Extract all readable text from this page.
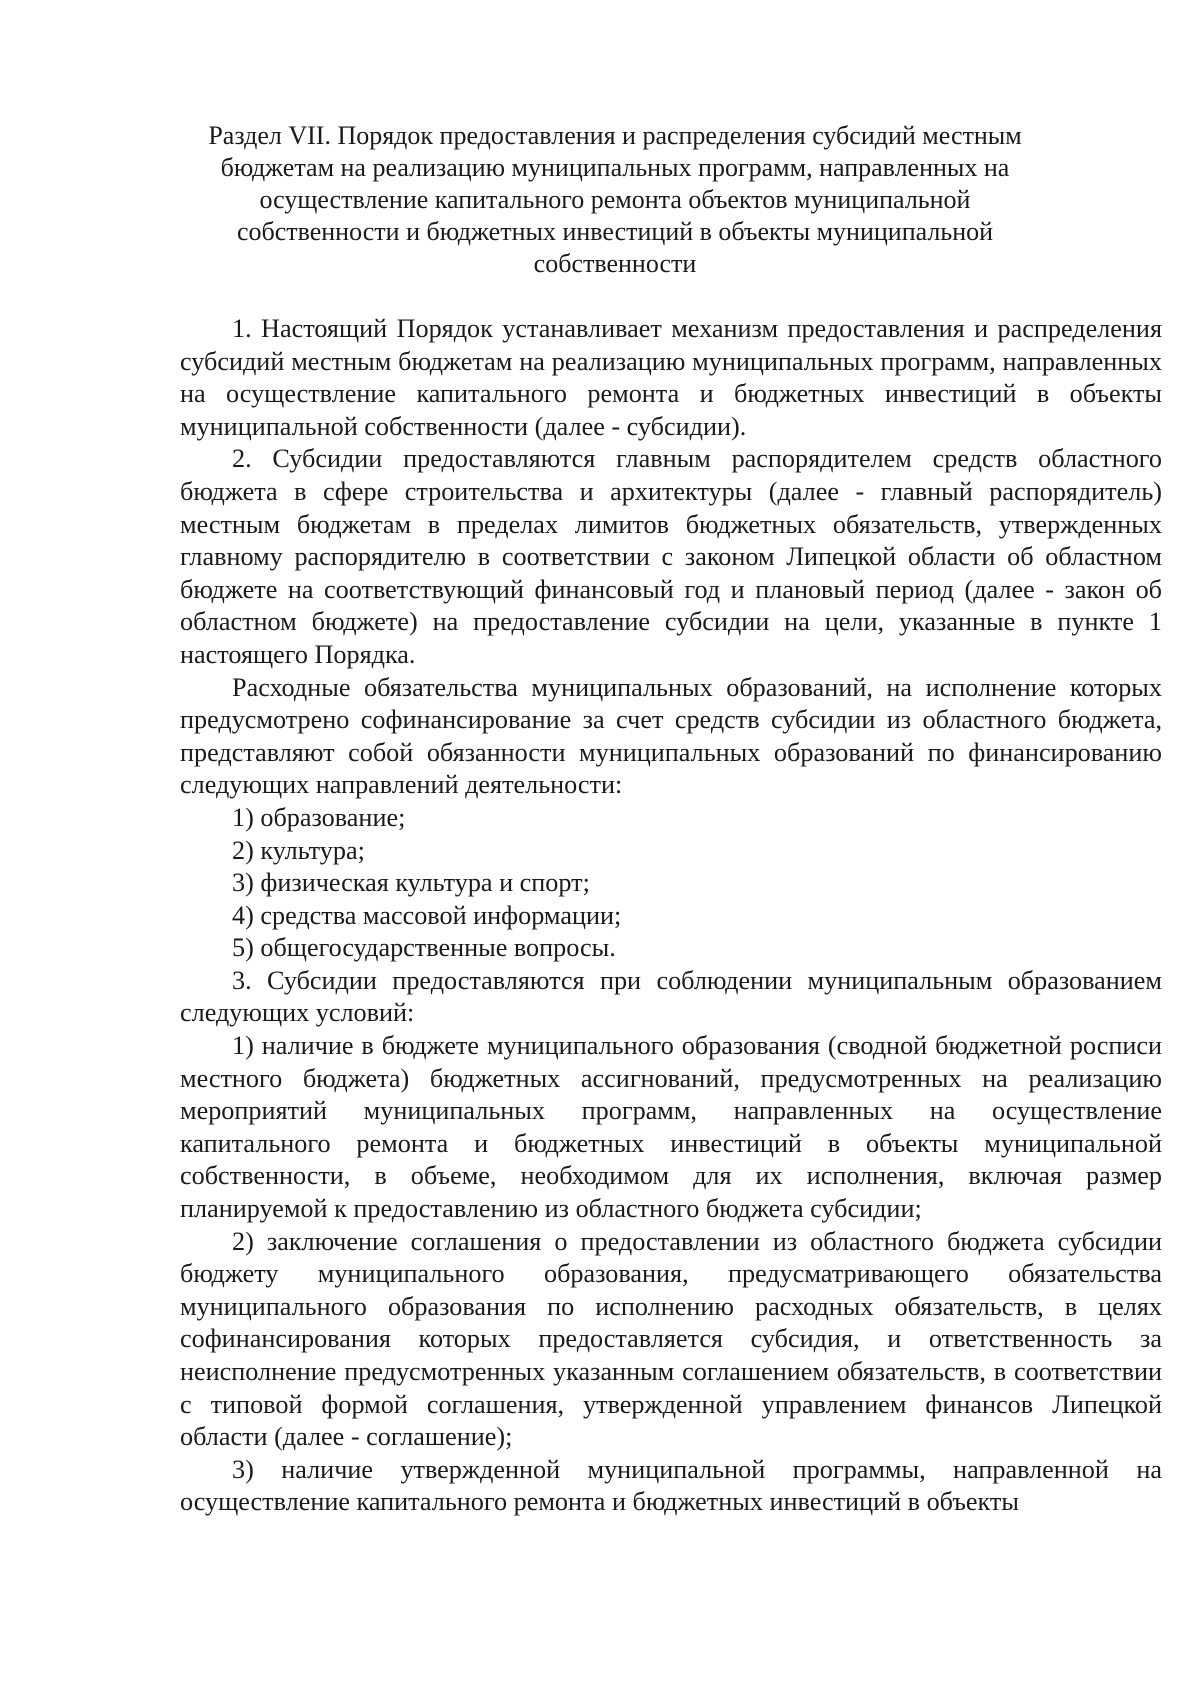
Раздел VII. Порядок предоставления и распределения субсидий местным бюджетам на реализацию муниципальных программ, направленных на осуществление капитального ремонта объектов муниципальной собственности и бюджетных инвестиций в объекты муниципальной собственности

1. Настоящий Порядок устанавливает механизм предоставления и распределения субсидий местным бюджетам на реализацию муниципальных программ, направленных на осуществление капитального ремонта и бюджетных инвестиций в объекты муниципальной собственности (далее - субсидии).

2. Субсидии предоставляются главным распорядителем средств областного бюджета в сфере строительства и архитектуры (далее - главный распорядитель) местным бюджетам в пределах лимитов бюджетных обязательств, утвержденных главному распорядителю в соответствии с законом Липецкой области об областном бюджете на соответствующий финансовый год и плановый период (далее - закон об областном бюджете) на предоставление субсидии на цели, указанные в пункте 1 настоящего Порядка.

Расходные обязательства муниципальных образований, на исполнение которых предусмотрено софинансирование за счет средств субсидии из областного бюджета, представляют собой обязанности муниципальных образований по финансированию следующих направлений деятельности:

1) образование;

2) культура;

3) физическая культура и спорт;

4) средства массовой информации;

5) общегосударственные вопросы.

3. Субсидии предоставляются при соблюдении муниципальным образованием следующих условий:

1) наличие в бюджете муниципального образования (сводной бюджетной росписи местного бюджета) бюджетных ассигнований, предусмотренных на реализацию мероприятий муниципальных программ, направленных на осуществление капитального ремонта и бюджетных инвестиций в объекты муниципальной собственности, в объеме, необходимом для их исполнения, включая размер планируемой к предоставлению из областного бюджета субсидии;

2) заключение соглашения о предоставлении из областного бюджета субсидии бюджету муниципального образования, предусматривающего обязательства муниципального образования по исполнению расходных обязательств, в целях софинансирования которых предоставляется субсидия, и ответственность за неисполнение предусмотренных указанным соглашением обязательств, в соответствии с типовой формой соглашения, утвержденной управлением финансов Липецкой области (далее - соглашение);

3) наличие утвержденной муниципальной программы, направленной на осуществление капитального ремонта и бюджетных инвестиций в объекты
